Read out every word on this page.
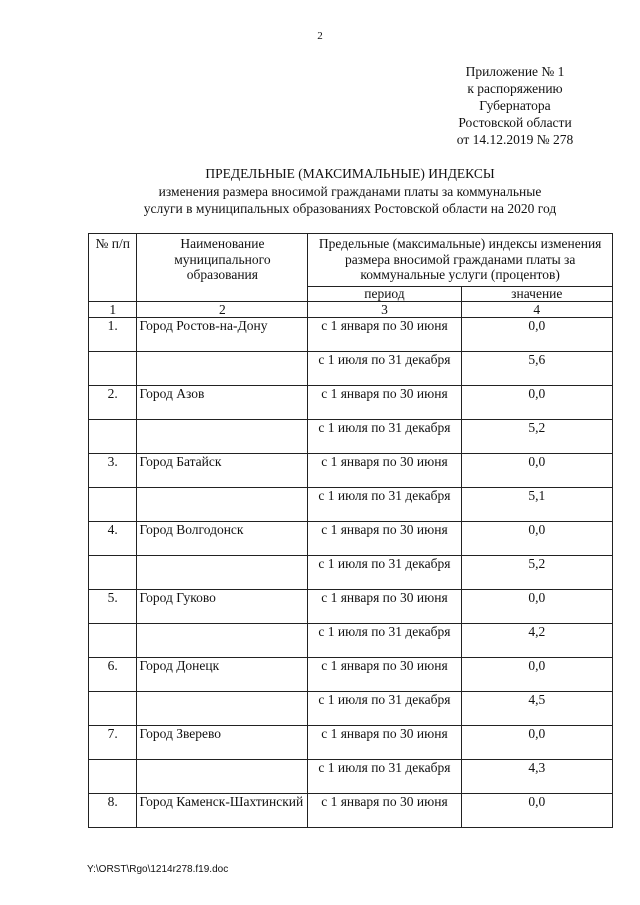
2
Приложение № 1
к распоряжению
Губернатора
Ростовской области
от 14.12.2019 № 278
ПРЕДЕЛЬНЫЕ (МАКСИМАЛЬНЫЕ) ИНДЕКСЫ
изменения размера вносимой гражданами платы за коммунальные
услуги в муниципальных образованиях Ростовской области на 2020 год
№ п/п	Наименование муниципального образования	Предельные (максимальные) индексы изменения размера вносимой гражданами платы за коммунальные услуги (процентов)	
		период	значение
1	2	3	4
1.	Город Ростов-на-Дону	с 1 января по 30 июня	0,0
		с 1 июля по 31 декабря	5,6
2.	Город Азов	с 1 января по 30 июня	0,0
		с 1 июля по 31 декабря	5,2
3.	Город Батайск	с 1 января по 30 июня	0,0
		с 1 июля по 31 декабря	5,1
4.	Город Волгодонск	с 1 января по 30 июня	0,0
		с 1 июля по 31 декабря	5,2
5.	Город Гуково	с 1 января по 30 июня	0,0
		с 1 июля по 31 декабря	4,2
6.	Город Донецк	с 1 января по 30 июня	0,0
		с 1 июля по 31 декабря	4,5
7.	Город Зверево	с 1 января по 30 июня	0,0
		с 1 июля по 31 декабря	4,3
8.	Город Каменск-Шахтинский	с 1 января по 30 июня	0,0
Y:\ORST\Rgo\1214r278.f19.doc
